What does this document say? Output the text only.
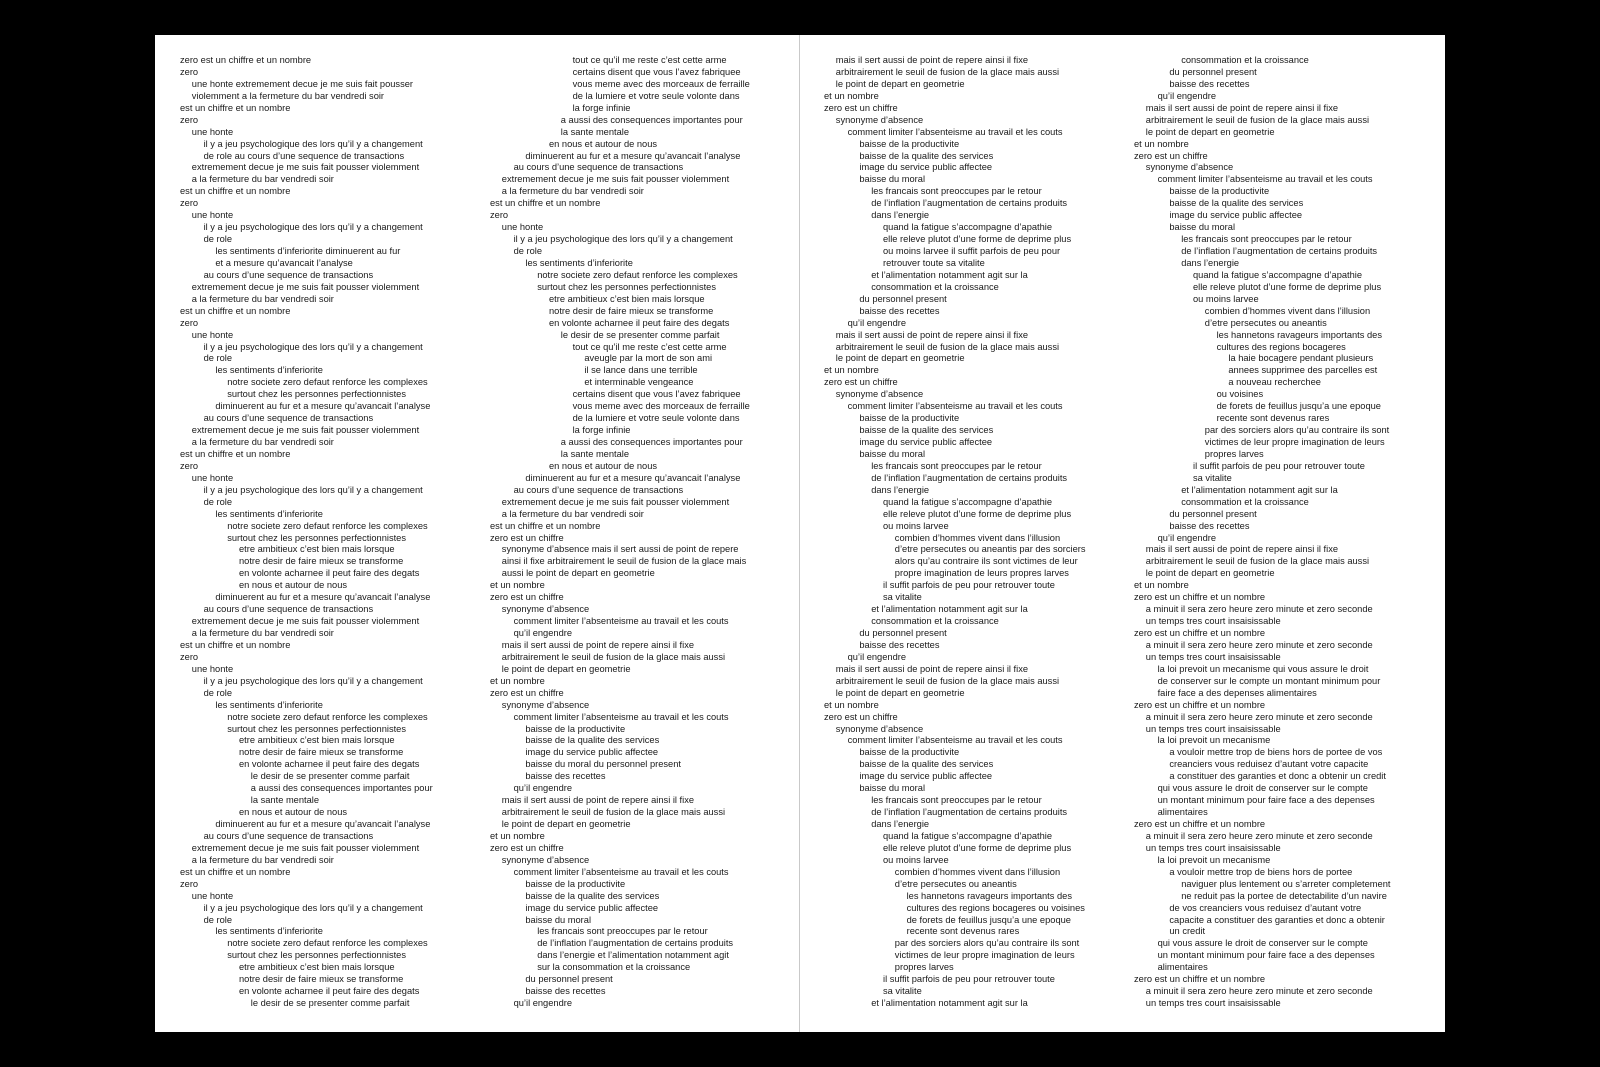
zero est un chiffre et un nombre
zero
une honte extremement decue je me suis fait pousser
violemment a la fermeture du bar vendredi soir
est un chiffre et un nombre
zero
une honte
il y a jeu psychologique des lors qu’il y a changement
de role au cours d’une sequence de transactions
extremement decue je me suis fait pousser violemment
a la fermeture du bar vendredi soir
est un chiffre et un nombre
zero
une honte
il y a jeu psychologique des lors qu’il y a changement
de role
les sentiments d’inferiorite diminuerent au fur
et a mesure qu’avancait l’analyse
au cours d’une sequence de transactions
extremement decue je me suis fait pousser violemment
a la fermeture du bar vendredi soir
est un chiffre et un nombre
zero
une honte
il y a jeu psychologique des lors qu’il y a changement
de role
les sentiments d’inferiorite
notre societe zero defaut renforce les complexes
surtout chez les personnes perfectionnistes
diminuerent au fur et a mesure qu’avancait l’analyse
au cours d’une sequence de transactions
extremement decue je me suis fait pousser violemment
a la fermeture du bar vendredi soir
est un chiffre et un nombre
zero
une honte
il y a jeu psychologique des lors qu’il y a changement
de role
les sentiments d’inferiorite
notre societe zero defaut renforce les complexes
surtout chez les personnes perfectionnistes
etre ambitieux c’est bien mais lorsque
notre desir de faire mieux se transforme
en volonte acharnee il peut faire des degats
en nous et autour de nous
diminuerent au fur et a mesure qu’avancait l’analyse
au cours d’une sequence de transactions
extremement decue je me suis fait pousser violemment
a la fermeture du bar vendredi soir
est un chiffre et un nombre
zero
une honte
il y a jeu psychologique des lors qu’il y a changement
de role
les sentiments d’inferiorite
notre societe zero defaut renforce les complexes
surtout chez les personnes perfectionnistes
etre ambitieux c’est bien mais lorsque
notre desir de faire mieux se transforme
en volonte acharnee il peut faire des degats
le desir de se presenter comme parfait
a aussi des consequences importantes pour
la sante mentale
en nous et autour de nous
diminuerent au fur et a mesure qu’avancait l’analyse
au cours d’une sequence de transactions
extremement decue je me suis fait pousser violemment
a la fermeture du bar vendredi soir
est un chiffre et un nombre
zero
une honte
il y a jeu psychologique des lors qu’il y a changement
de role
les sentiments d’inferiorite
notre societe zero defaut renforce les complexes
surtout chez les personnes perfectionnistes
etre ambitieux c’est bien mais lorsque
notre desir de faire mieux se transforme
en volonte acharnee il peut faire des degats
le desir de se presenter comme parfait
tout ce qu’il me reste c’est cette arme
certains disent que vous l’avez fabriquee
vous meme avec des morceaux de ferraille
de la lumiere et votre seule volonte dans
la forge infinie
a aussi des consequences importantes pour
la sante mentale
en nous et autour de nous
diminuerent au fur et a mesure qu’avancait l’analyse
au cours d’une sequence de transactions
extremement decue je me suis fait pousser violemment
a la fermeture du bar vendredi soir
est un chiffre et un nombre
zero
une honte
il y a jeu psychologique des lors qu’il y a changement
de role
les sentiments d’inferiorite
notre societe zero defaut renforce les complexes
surtout chez les personnes perfectionnistes
etre ambitieux c’est bien mais lorsque
notre desir de faire mieux se transforme
en volonte acharnee il peut faire des degats
le desir de se presenter comme parfait
tout ce qu’il me reste c’est cette arme
aveugle par la mort de son ami
il se lance dans une terrible
et interminable vengeance
certains disent que vous l’avez fabriquee
vous meme avec des morceaux de ferraille
de la lumiere et votre seule volonte dans
la forge infinie
a aussi des consequences importantes pour
la sante mentale
en nous et autour de nous
diminuerent au fur et a mesure qu’avancait l’analyse
au cours d’une sequence de transactions
extremement decue je me suis fait pousser violemment
a la fermeture du bar vendredi soir
est un chiffre et un nombre
zero est un chiffre
synonyme d’absence mais il sert aussi de point de repere
ainsi il fixe arbitrairement le seuil de fusion de la glace mais
aussi le point de depart en geometrie
et un nombre
zero est un chiffre
synonyme d’absence
comment limiter l’absenteisme au travail et les couts
qu’il engendre
mais il sert aussi de point de repere ainsi il fixe
arbitrairement le seuil de fusion de la glace mais aussi
le point de depart en geometrie
et un nombre
zero est un chiffre
synonyme d’absence
comment limiter l’absenteisme au travail et les couts
baisse de la productivite
baisse de la qualite des services
image du service public affectee
baisse du moral du personnel present
baisse des recettes
qu’il engendre
mais il sert aussi de point de repere ainsi il fixe
arbitrairement le seuil de fusion de la glace mais aussi
le point de depart en geometrie
et un nombre
zero est un chiffre
synonyme d’absence
comment limiter l’absenteisme au travail et les couts
baisse de la productivite
baisse de la qualite des services
image du service public affectee
baisse du moral
les francais sont preoccupes par le retour
de l’inflation l’augmentation de certains produits
dans l’energie et l’alimentation notamment agit
sur la consommation et la croissance
du personnel present
baisse des recettes
qu’il engendre
mais il sert aussi de point de repere ainsi il fixe
arbitrairement le seuil de fusion de la glace mais aussi
le point de depart en geometrie
et un nombre
zero est un chiffre
synonyme d’absence
comment limiter l’absenteisme au travail et les couts
baisse de la productivite
baisse de la qualite des services
image du service public affectee
baisse du moral
les francais sont preoccupes par le retour
de l’inflation l’augmentation de certains produits
dans l’energie
quand la fatigue s’accompagne d’apathie
elle releve plutot d’une forme de deprime plus
ou moins larvee il suffit parfois de peu pour
retrouver toute sa vitalite
et l’alimentation notamment agit sur la
consommation et la croissance
du personnel present
baisse des recettes
qu’il engendre
mais il sert aussi de point de repere ainsi il fixe
arbitrairement le seuil de fusion de la glace mais aussi
le point de depart en geometrie
et un nombre
zero est un chiffre
synonyme d’absence
comment limiter l’absenteisme au travail et les couts
baisse de la productivite
baisse de la qualite des services
image du service public affectee
baisse du moral
les francais sont preoccupes par le retour
de l’inflation l’augmentation de certains produits
dans l’energie
quand la fatigue s’accompagne d’apathie
elle releve plutot d’une forme de deprime plus
ou moins larvee
combien d’hommes vivent dans l’illusion
d’etre persecutes ou aneantis par des sorciers
alors qu’au contraire ils sont victimes de leur
propre imagination de leurs propres larves
il suffit parfois de peu pour retrouver toute
sa vitalite
et l’alimentation notamment agit sur la
consommation et la croissance
du personnel present
baisse des recettes
qu’il engendre
mais il sert aussi de point de repere ainsi il fixe
arbitrairement le seuil de fusion de la glace mais aussi
le point de depart en geometrie
et un nombre
zero est un chiffre
synonyme d’absence
comment limiter l’absenteisme au travail et les couts
baisse de la productivite
baisse de la qualite des services
image du service public affectee
baisse du moral
les francais sont preoccupes par le retour
de l’inflation l’augmentation de certains produits
dans l’energie
quand la fatigue s’accompagne d’apathie
elle releve plutot d’une forme de deprime plus
ou moins larvee
combien d’hommes vivent dans l’illusion
d’etre persecutes ou aneantis
les hannetons ravageurs importants des
cultures des regions bocageres ou voisines
de forets de feuillus jusqu’a une epoque
recente sont devenus rares
par des sorciers alors qu’au contraire ils sont
victimes de leur propre imagination de leurs
propres larves
il suffit parfois de peu pour retrouver toute
sa vitalite
et l’alimentation notamment agit sur la
consommation et la croissance
du personnel present
baisse des recettes
qu’il engendre
mais il sert aussi de point de repere ainsi il fixe
arbitrairement le seuil de fusion de la glace mais aussi
le point de depart en geometrie
et un nombre
zero est un chiffre
synonyme d’absence
comment limiter l’absenteisme au travail et les couts
baisse de la productivite
baisse de la qualite des services
image du service public affectee
baisse du moral
les francais sont preoccupes par le retour
de l’inflation l’augmentation de certains produits
dans l’energie
quand la fatigue s’accompagne d’apathie
elle releve plutot d’une forme de deprime plus
ou moins larvee
combien d’hommes vivent dans l’illusion
d’etre persecutes ou aneantis
les hannetons ravageurs importants des
cultures des regions bocageres
la haie bocagere pendant plusieurs
annees supprimee des parcelles est
a nouveau recherchee
ou voisines
de forets de feuillus jusqu’a une epoque
recente sont devenus rares
par des sorciers alors qu’au contraire ils sont
victimes de leur propre imagination de leurs
propres larves
il suffit parfois de peu pour retrouver toute
sa vitalite
et l’alimentation notamment agit sur la
consommation et la croissance
du personnel present
baisse des recettes
qu’il engendre
mais il sert aussi de point de repere ainsi il fixe
arbitrairement le seuil de fusion de la glace mais aussi
le point de depart en geometrie
et un nombre
zero est un chiffre et un nombre
a minuit il sera zero heure zero minute et zero seconde
un temps tres court insaisissable
zero est un chiffre et un nombre
a minuit il sera zero heure zero minute et zero seconde
un temps tres court insaisissable
la loi prevoit un mecanisme qui vous assure le droit
de conserver sur le compte un montant minimum pour
faire face a des depenses alimentaires
zero est un chiffre et un nombre
a minuit il sera zero heure zero minute et zero seconde
un temps tres court insaisissable
la loi prevoit un mecanisme
a vouloir mettre trop de biens hors de portee de vos
creanciers vous reduisez d’autant votre capacite
a constituer des garanties et donc a obtenir un credit
qui vous assure le droit de conserver sur le compte
un montant minimum pour faire face a des depenses
alimentaires
zero est un chiffre et un nombre
a minuit il sera zero heure zero minute et zero seconde
un temps tres court insaisissable
la loi prevoit un mecanisme
a vouloir mettre trop de biens hors de portee
naviguer plus lentement ou s’arreter completement
ne reduit pas la portee de detectabilite d’un navire
de vos creanciers vous reduisez d’autant votre
capacite a constituer des garanties et donc a obtenir
un credit
qui vous assure le droit de conserver sur le compte
un montant minimum pour faire face a des depenses
alimentaires
zero est un chiffre et un nombre
a minuit il sera zero heure zero minute et zero seconde
un temps tres court insaisissable
